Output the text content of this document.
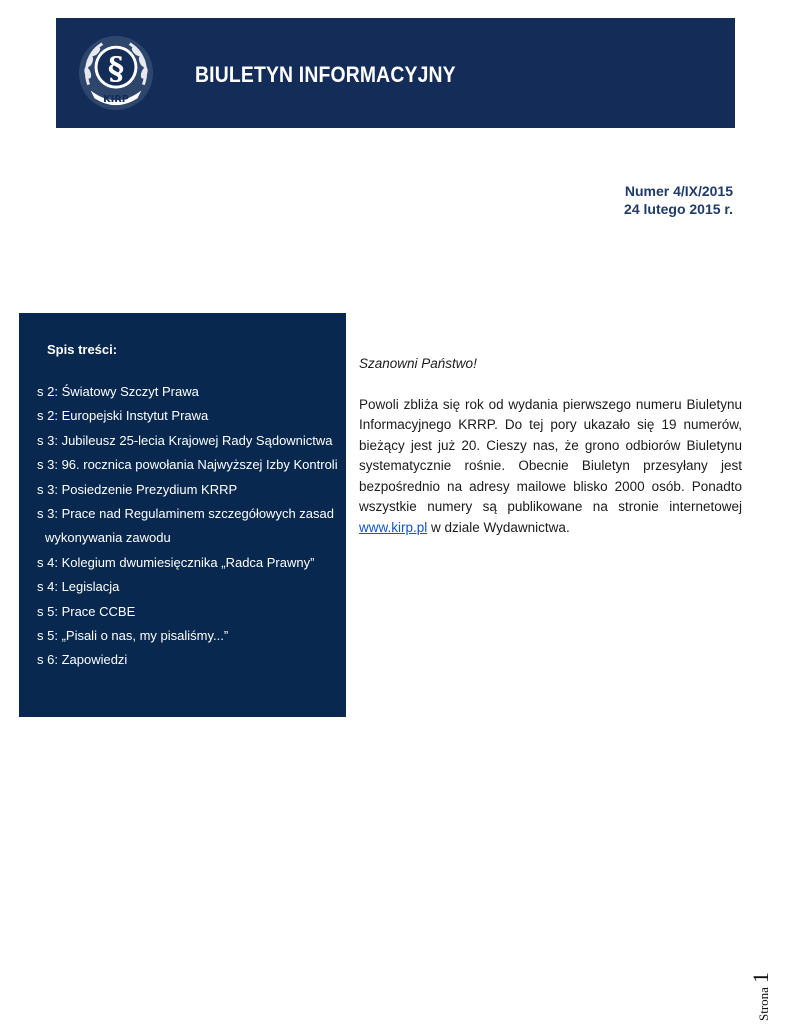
§
KIRP
BIULETYN INFORMACYJNY
Numer 4/IX/2015
24 lutego 2015 r.
Spis treści:
s 2: Światowy Szczyt Prawa
s 2: Europejski Instytut Prawa
s 3: Jubileusz 25-lecia Krajowej Rady Sądownictwa
s 3: 96. rocznica powołania Najwyższej Izby Kontroli
s 3: Posiedzenie Prezydium KRRP
s 3: Prace nad Regulaminem szczegółowych zasad
wykonywania zawodu
s 4: Kolegium dwumiesięcznika „Radca Prawny”
s 4: Legislacja
s 5: Prace CCBE
s 5: „Pisali o nas, my pisaliśmy...”
s 6: Zapowiedzi

Szanowni Państwo!

Powoli zbliża się rok od wydania pierwszego numeru Biuletynu Informacyjnego KRRP. Do tej pory ukazało się 19 numerów, bieżący jest już 20. Cieszy nas, że grono odbiorów Biuletynu systematycznie rośnie. Obecnie Biuletyn przesyłany jest bezpośrednio na adresy mailowe blisko 2000 osób. Ponadto wszystkie numery są publikowane na stronie internetowej www.kirp.pl w dziale Wydawnictwa.

Strona1
